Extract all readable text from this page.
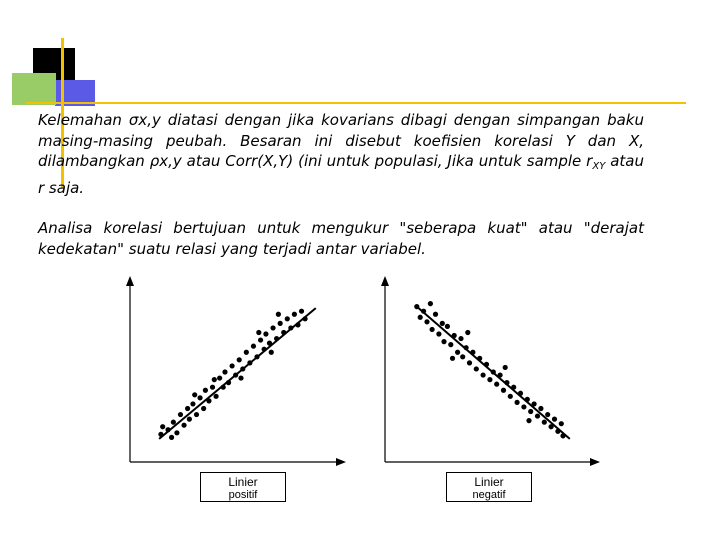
Kelemahan σx,y diatasi dengan jika kovarians dibagi dengan simpangan baku masing-masing peubah. Besaran ini disebut koefisien korelasi Y dan X, dilambangkan ρx,y atau Corr(X,Y) (ini untuk populasi, Jika untuk sample $r_{XY}$ atau r saja.
Analisa korelasi bertujuan untuk mengukur "seberapa kuat" atau "derajat kedekatan" suatu relasi yang terjadi antar variabel.
Linier
positif
Linier
negatif
